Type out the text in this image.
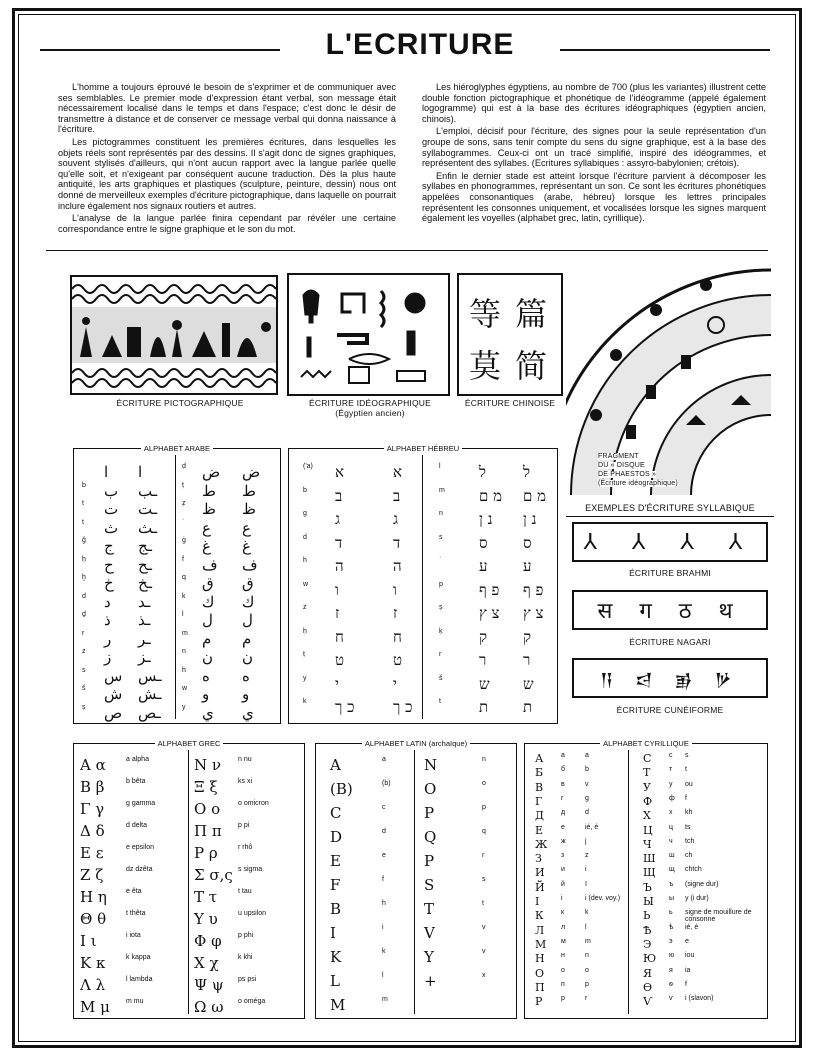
L'ECRITURE

L'homme a toujours éprouvé le besoin de s'exprimer et de communiquer avec ses semblables. Le premier mode d'expression étant verbal, son message était nécessairement localisé dans le temps et dans l'espace; c'est donc le désir de transmettre à distance et de conserver ce message verbal qui donna naissance à l'écriture.

Les pictogrammes constituent les premières écritures, dans lesquelles les objets réels sont représentés par des dessins. Il s'agit donc de signes graphiques, souvent stylisés d'ailleurs, qui n'ont aucun rapport avec la langue parlée quelle qu'elle soit, et n'exigeant par conséquent aucune traduction. Dès la plus haute antiquité, les arts graphiques et plastiques (sculpture, peinture, dessin) nous ont donné de merveilleux exemples d'écriture pictographique, dans laquelle on pourrait inclure également nos signaux routiers et autres.

L'analyse de la langue parlée finira cependant par révéler une certaine correspondance entre le signe graphique et le son du mot.

Les hiéroglyphes égyptiens, au nombre de 700 (plus les variantes) illustrent cette double fonction pictographique et phonétique de l'idéogramme (appelé également logogramme) qui est à la base des écritures idéographiques (égyptien ancien, chinois).

L'emploi, décisif pour l'écriture, des signes pour la seule représentation d'un groupe de sons, sans tenir compte du sens du signe graphique, est à la base des syllabogrammes. Ceux-ci ont un tracé simplifié, inspiré des idéogrammes, et représentent des syllabes. (Ecritures syllabiques : assyro-babylonien; crétois).

Enfin le dernier stade est atteint lorsque l'écriture parvient à décomposer les syllabes en phonogrammes, représentant un son. Ce sont les écritures phonétiques appelées consonantiques (arabe, hébreu) lorsque les lettres principales représentent les consonnes uniquement, et vocalisées lorsque les signes marquent également les voyelles (alphabet grec, latin, cyrillique).

ÉCRITURE PICTOGRAPHIQUE	ÉCRITURE IDÉOGRAPHIQUE
(Égyptien ancien)
等 篇
莫 简
ÉCRITURE CHINOISE
FRAGMENT
DU « DISQUE
DE PHAESTOS »
(Écriture idéographique)
EXEMPLES D'ÉCRITURE SYLLABIQUE
⅄ ⅄ ⅄ ⅄
ÉCRITURE BRAHMI
स ग ठ थ
ÉCRITURE NAGARI
𒀀 𒁀 𒂊 𒃻
ÉCRITURE CUNÉIFORME
ALPHABET ARABE
ا ا
b ب ـب
t ت ـت
t ث ـث
ǧ ج ـج
ḥ ح ـح
ḫ خ ـخ
d د ـد
ḏ ذ ـذ
r ر ـر
z ز ـز
s س ـس
š ش ـش
ṣ ص ـص
ḍ ض ض
ṭ ط ط
ẓ ظ ظ
ʿ ع ع
ġ غ غ
f ف ف
q ق ق
k ك ك
l ل ل
m م م
n ن ن
h ه ه
w و و
y ي ي
ALPHABET HÉBREU
('a) א	א
b ב	ב
g ג	ג
d ד	ד
h ה	ה
w ו	ו
z ז	ז
ḥ ח	ח
ṭ ט	ט
y י	י
k כ ך	כ ך
l	ל ל
m מ ם מ ם
n נ ן נ ן
s ס ס
ʿ	ע ע
p פ ף פ ף
ṣ צ ץ צ ץ
ḳ ק ק
r	ר ר
š ש ש
t	ת ת
ALPHABET GREC
Α α	a alpha
Β β	b bêta
Γ γ	g gamma
Δ δ	d delta
Ε ε	e epsilon
Ζ ζ	dz dzêta
Η η	e êta
Θ θ	t thêta
Ι ι	i iota
Κ κ	k kappa
Λ λ	l lambda
Μ μ m mu
Ν ν n nu
Ξ ξ	ks xi
Ο ο	o omicron
Π π p pi
Ρ ρ	r rhô
Σ σ,ς s sigma
Τ τ	t tau
Υ υ	u upsilon
Φ φ p phi
Χ χ	k khi
Ψ ψ ps psi
Ω ω o oméga
ALPHABET LATIN (archaïque)
A	a
(B)	(b)
C	c
D	d
E	e
F	f
B	h
I	i
K	k
L	l
M	m
N	n
O	o
P	p
Q	q
P	r
S	s
T	t
V	v
Y	v
+	x
ALPHABET CYRILLIQUE
А	а	a
Б	б	b
В	в	v
Г	г	g
Д д	d
Е	е	ié, é
Ж ж	j
З	з	z
И и	i
Й й	ï
І	і	i (dev. voy.)
К к	k
Л л	l
М м	m
Н н	n
О о	o
П п	p
Р	р	r
С	с s
Т	т t
У	у ou
Ф ф f
Х	х kh
Ц ц ts
Ч ч tch
Ш ш ch
Щ щ chtch
Ъ ъ (signe dur)
Ы ы y (i dur)
Ь	ь signe de mouillure de consonne
Ѣ	ѣ ié, é
Э	э e
Ю ю iou
Я я ia
Ѳ ѳ f
Ѵ ѵ i (slavon)
